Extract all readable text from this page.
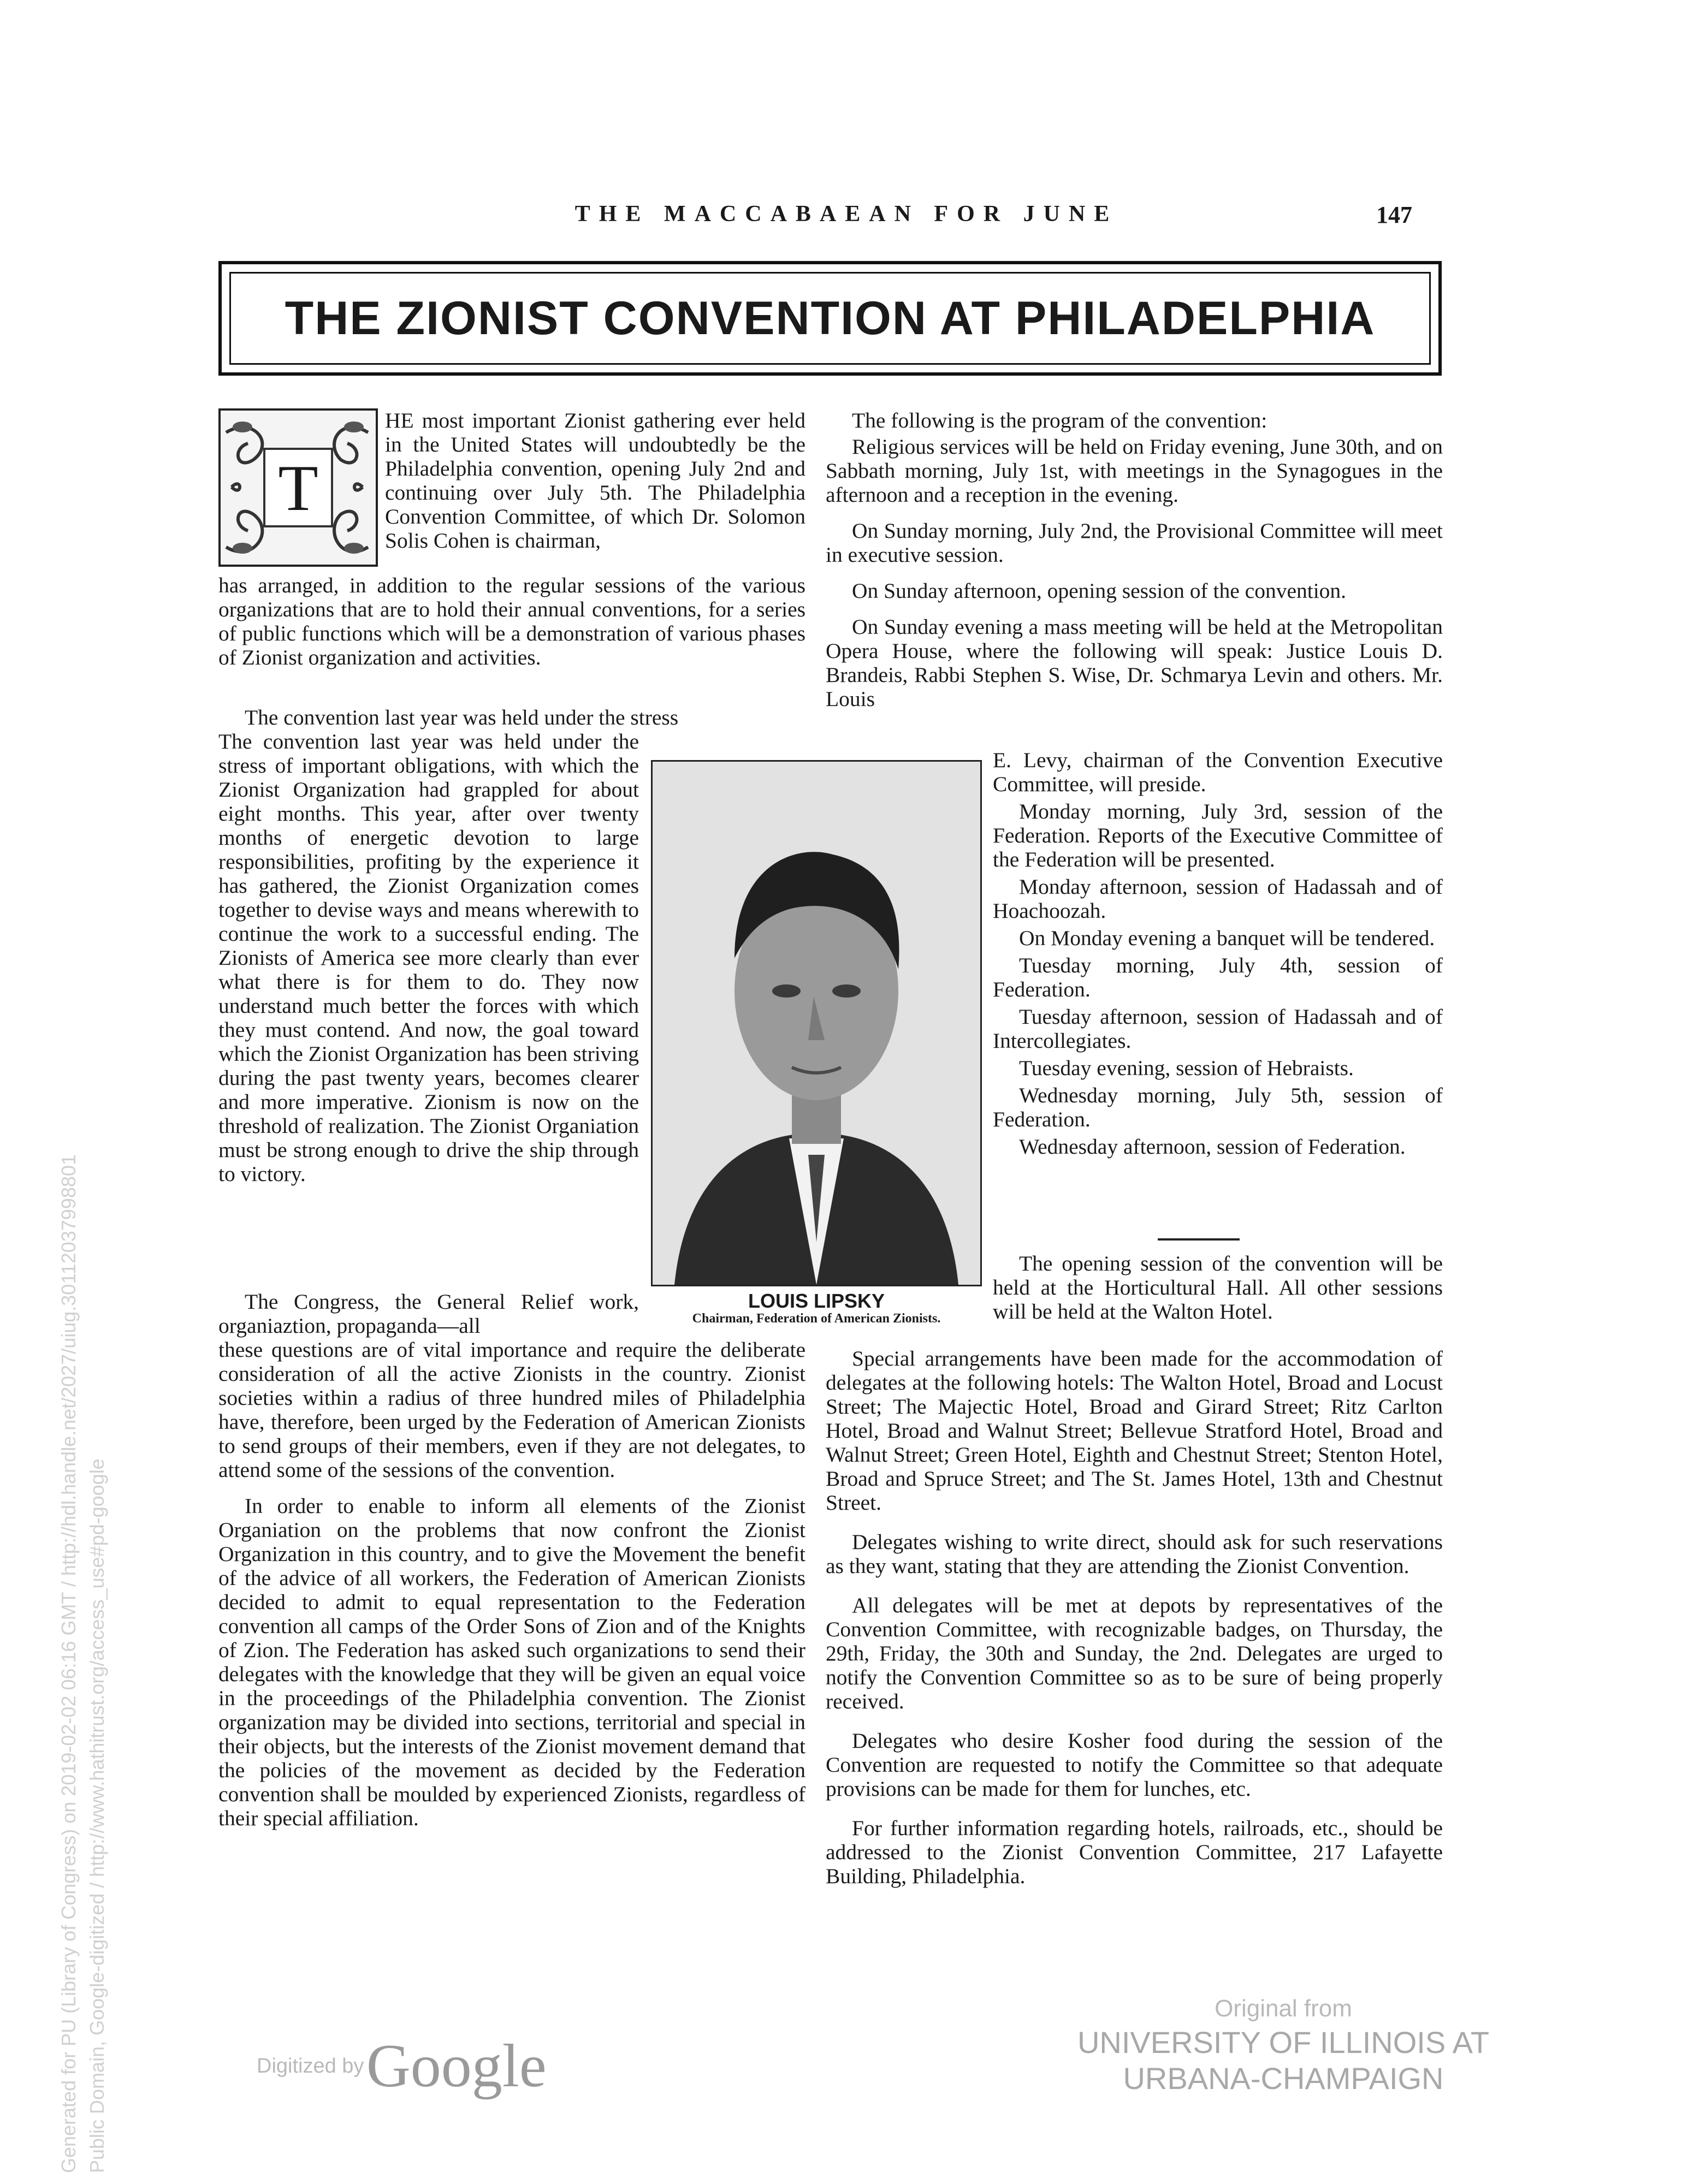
THE MACCABAEAN FOR JUNE	147
THE ZIONIST CONVENTION AT PHILADELPHIA
T

HE most important Zionist gathering ever held in the United States will undoubtedly be the Philadelphia convention, opening July 2nd and continuing over July 5th. The Philadelphia Convention Committee, of which Dr. Solomon Solis Cohen is chairman,

has arranged, in addition to the regular sessions of the various organizations that are to hold their annual conventions, for a series of public functions which will be a demonstration of various phases of Zionist organization and activities.

The convention last year was held under the stress

The convention last year was held under the stress of important obligations, with which the Zionist Organization had grappled for about eight months. This year, after over twenty months of energetic devotion to large responsibilities, profiting by the experience it has gathered, the Zionist Organization comes together to devise ways and means wherewith to continue the work to a successful ending. The Zionists of America see more clearly than ever what there is for them to do. They now understand much better the forces with which they must contend. And now, the goal toward which the Zionist Organization has been striving during the past twenty years, becomes clearer and more imperative. Zionism is now on the threshold of realization. The Zionist Organiation must be strong enough to drive the ship through to victory.

The Congress, the General Relief work, organiaztion, propaganda—all

these questions are of vital importance and require the deliberate consideration of all the active Zionists in the country. Zionist societies within a radius of three hundred miles of Philadelphia have, therefore, been urged by the Federation of American Zionists to send groups of their members, even if they are not delegates, to attend some of the sessions of the convention.

In order to enable to inform all elements of the Zionist Organiation on the problems that now confront the Zionist Organization in this country, and to give the Movement the benefit of the advice of all workers, the Federation of American Zionists decided to admit to equal representation to the Federation convention all camps of the Order Sons of Zion and of the Knights of Zion. The Federation has asked such organizations to send their delegates with the knowledge that they will be given an equal voice in the proceedings of the Philadelphia convention. The Zionist organization may be divided into sections, territorial and special in their objects, but the interests of the Zionist movement demand that the policies of the movement as decided by the Federation convention shall be moulded by experienced Zionists, regardless of their special affiliation.

LOUIS LIPSKY
Chairman, Federation of American Zionists.

The following is the program of the convention:

Religious services will be held on Friday evening, June 30th, and on Sabbath morning, July 1st, with meetings in the Synagogues in the afternoon and a reception in the evening.

On Sunday morning, July 2nd, the Provisional Committee will meet in executive session.

On Sunday afternoon, opening session of the convention.

On Sunday evening a mass meeting will be held at the Metropolitan Opera House, where the following will speak: Justice Louis D. Brandeis, Rabbi Stephen S. Wise, Dr. Schmarya Levin and others. Mr. Louis

E. Levy, chairman of the Convention Executive Committee, will preside.

Monday morning, July 3rd, session of the Federation. Reports of the Executive Committee of the Federation will be presented.

Monday afternoon, session of Hadassah and of Hoachoozah.

On Monday evening a banquet will be tendered.

Tuesday morning, July 4th, session of Federation.

Tuesday afternoon, session of Hadassah and of Intercollegiates.

Tuesday evening, session of Hebraists.

Wednesday morning, July 5th, session of Federation.

Wednesday afternoon, session of Federation.

The opening session of the convention will be held at the Horticultural Hall. All other sessions will be held at the Walton Hotel.

Special arrangements have been made for the accommodation of delegates at the following hotels: The Walton Hotel, Broad and Locust Street; The Majectic Hotel, Broad and Girard Street; Ritz Carlton Hotel, Broad and Walnut Street; Bellevue Stratford Hotel, Broad and Walnut Street; Green Hotel, Eighth and Chestnut Street; Stenton Hotel, Broad and Spruce Street; and The St. James Hotel, 13th and Chestnut Street.

Delegates wishing to write direct, should ask for such reservations as they want, stating that they are attending the Zionist Convention.

All delegates will be met at depots by representatives of the Convention Committee, with recognizable badges, on Thursday, the 29th, Friday, the 30th and Sunday, the 2nd. Delegates are urged to notify the Convention Committee so as to be sure of being properly received.

Delegates who desire Kosher food during the session of the Convention are requested to notify the Committee so that adequate provisions can be made for them for lunches, etc.

For further information regarding hotels, railroads, etc., should be addressed to the Zionist Convention Committee, 217 Lafayette Building, Philadelphia.

Digitized by Google
Original from
UNIVERSITY OF ILLINOIS AT
URBANA-CHAMPAIGN
Generated for PU (Library of Congress) on 2019-02-02 06:16 GMT / http://hdl.handle.net/2027/uiug.30112037998801 Public Domain, Google-digitized / http://www.hathitrust.org/access_use#pd-google
